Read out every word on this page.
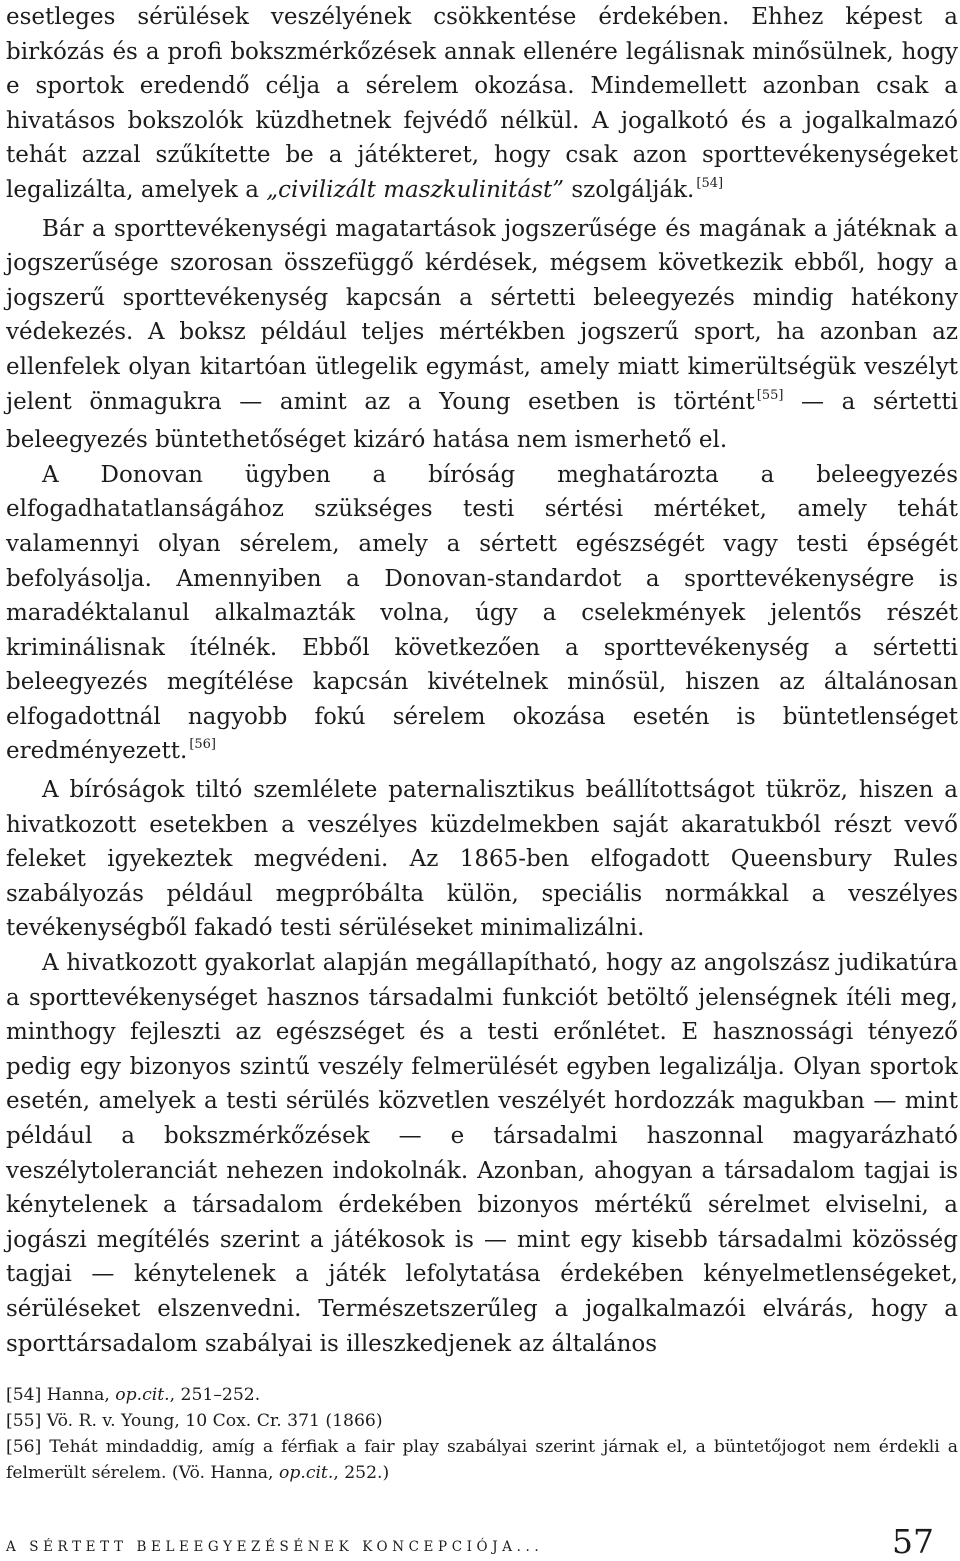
esetleges sérülések veszélyének csökkentése érdekében. Ehhez képest a birkózás és a profi bokszmérkőzések annak ellenére legálisnak minősülnek, hogy e sportok eredendő célja a sérelem okozása. Mindemellett azonban csak a hivatásos bokszolók küzdhetnek fejvédő nélkül. A jogalkotó és a jogalkalmazó tehát azzal szűkítette be a játékteret, hogy csak azon sporttevékenységeket legalizálta, amelyek a „civilizált maszkulinitást” szolgálják. [54]

Bár a sporttevékenységi magatartások jogszerűsége és magának a játéknak a jogszerűsége szorosan összefüggő kérdések, mégsem következik ebből, hogy a jogszerű sporttevékenység kapcsán a sértetti beleegyezés mindig hatékony védekezés. A boksz például teljes mértékben jogszerű sport, ha azonban az ellenfelek olyan kitartóan ütlegelik egymást, amely miatt kimerültségük veszélyt jelent önmagukra — amint az a Young esetben is történt [55] — a sértetti beleegyezés büntethetőséget kizáró hatása nem ismerhető el.

A Donovan ügyben a bíróság meghatározta a beleegyezés elfogadhatatlanságához szükséges testi sértési mértéket, amely tehát valamennyi olyan sérelem, amely a sértett egészségét vagy testi épségét befolyásolja. Amennyiben a Donovan-standardot a sporttevékenységre is maradéktalanul alkalmazták volna, úgy a cselekmények jelentős részét kriminálisnak ítélnék. Ebből következően a sporttevékenység a sértetti beleegyezés megítélése kapcsán kivételnek minősül, hiszen az általánosan elfogadottnál nagyobb fokú sérelem okozása esetén is büntetlenséget eredményezett. [56]

A bíróságok tiltó szemlélete paternalisztikus beállítottságot tükröz, hiszen a hivatkozott esetekben a veszélyes küzdelmekben saját akaratukból részt vevő feleket igyekeztek megvédeni. Az 1865-ben elfogadott Queensbury Rules szabályozás például megpróbálta külön, speciális normákkal a veszélyes tevékenységből fakadó testi sérüléseket minimalizálni.

A hivatkozott gyakorlat alapján megállapítható, hogy az angolszász judikatúra a sporttevékenységet hasznos társadalmi funkciót betöltő jelenségnek ítéli meg, minthogy fejleszti az egészséget és a testi erőnlétet. E hasznossági tényező pedig egy bizonyos szintű veszély felmerülését egyben legalizálja. Olyan sportok esetén, amelyek a testi sérülés közvetlen veszélyét hordozzák magukban — mint például a bokszmérkőzések — e társadalmi haszonnal magyarázható veszélytoleranciát nehezen indokolnák. Azonban, ahogyan a társadalom tagjai is kénytelenek a társadalom érdekében bizonyos mértékű sérelmet elviselni, a jogászi megítélés szerint a játékosok is — mint egy kisebb társadalmi közösség tagjai — kénytelenek a játék lefolytatása érdekében kényelmetlenségeket, sérüléseket elszenvedni. Természetszerűleg a jogalkalmazói elvárás, hogy a sporttársadalom szabályai is illeszkedjenek az általános

[54] Hanna, op.cit., 251–252.

[55] Vö. R. v. Young, 10 Cox. Cr. 371 (1866)

[56] Tehát mindaddig, amíg a férfiak a fair play szabályai szerint járnak el, a büntetőjogot nem érdekli a felmerült sérelem. (Vö. Hanna, op.cit., 252.)

A SÉRTETT BELEEGYEZÉSÉNEK KONCEPCIÓJA...	57
